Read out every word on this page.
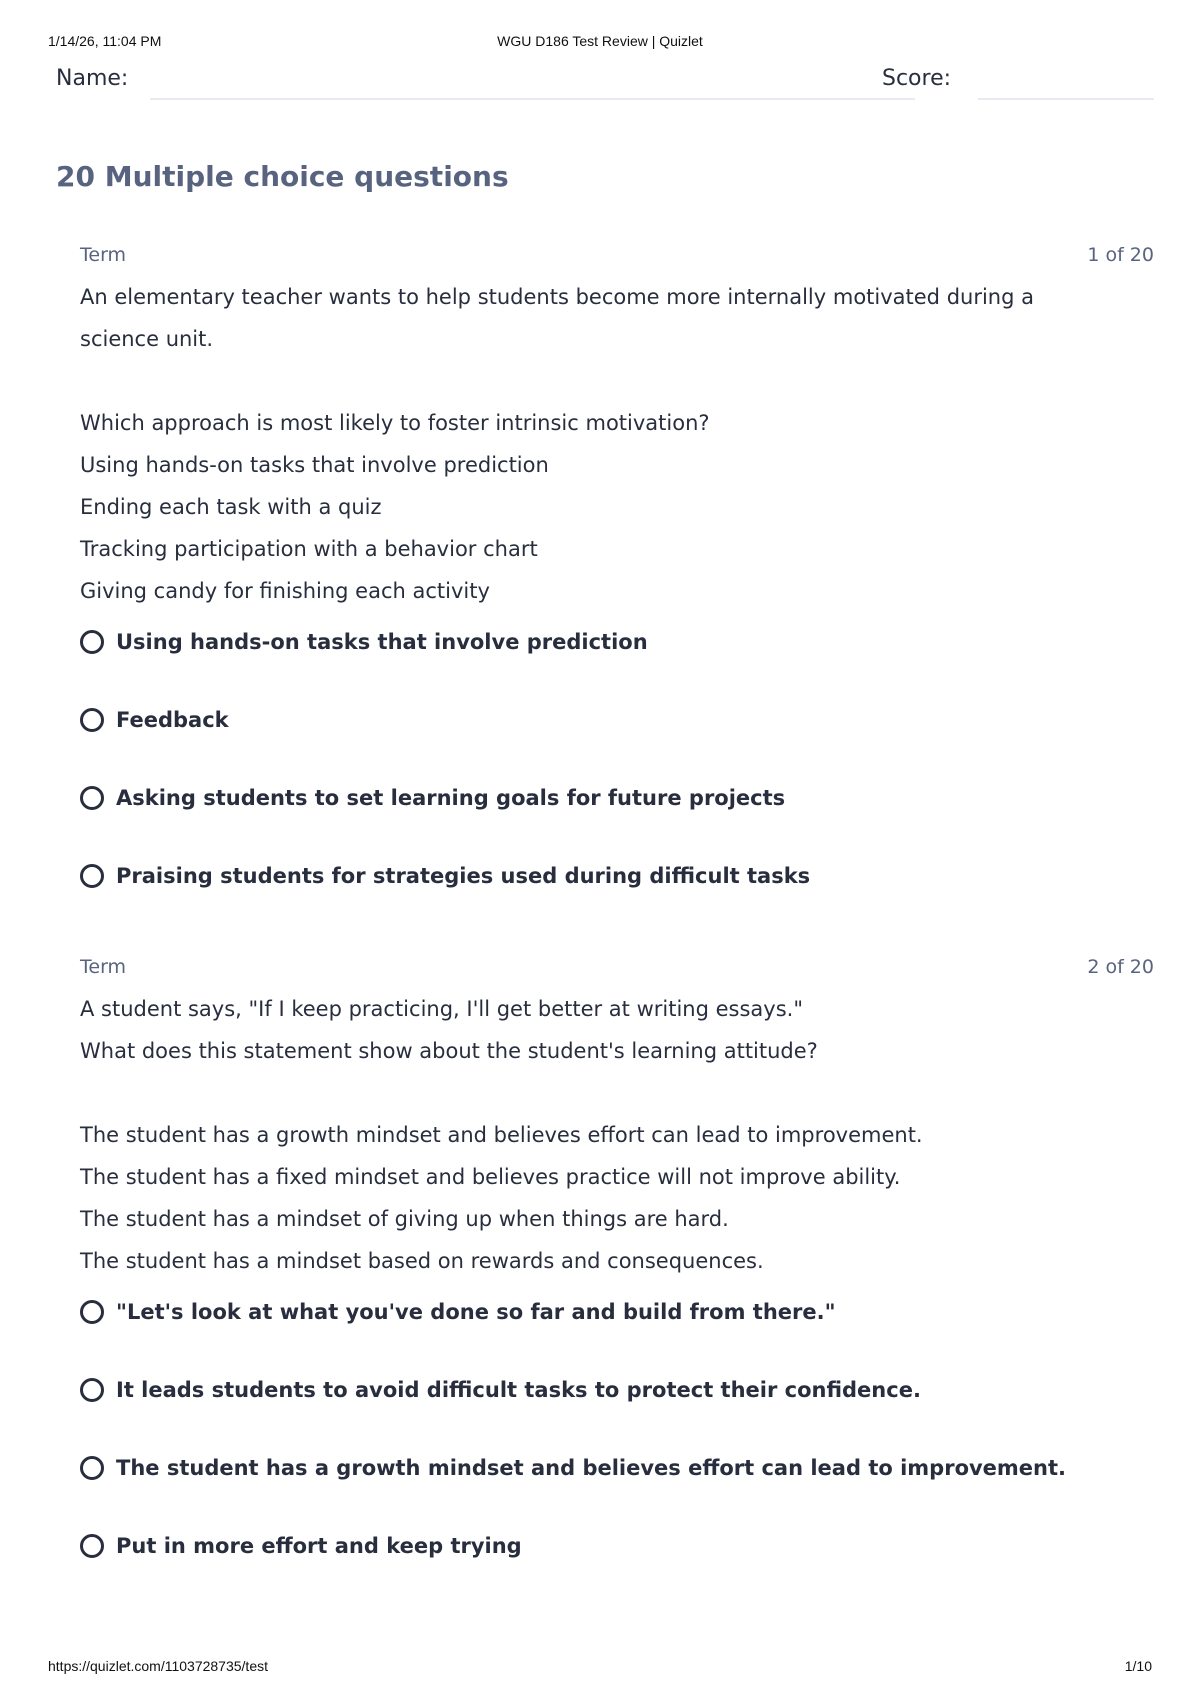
1/14/26, 11:04 PM	WGU D186 Test Review | Quizlet
Name:	Score:
20 Multiple choice questions
Term	1 of 20

An elementary teacher wants to help students become more internally motivated during a

science unit.

Which approach is most likely to foster intrinsic motivation?

Using hands-on tasks that involve prediction

Ending each task with a quiz

Tracking participation with a behavior chart

Giving candy for finishing each activity

Using hands-on tasks that involve prediction
Feedback
Asking students to set learning goals for future projects
Praising students for strategies used during difficult tasks
Term	2 of 20

A student says, "If I keep practicing, I'll get better at writing essays."

What does this statement show about the student's learning attitude?

The student has a growth mindset and believes effort can lead to improvement.

The student has a fixed mindset and believes practice will not improve ability.

The student has a mindset of giving up when things are hard.

The student has a mindset based on rewards and consequences.

"Let's look at what you've done so far and build from there."
It leads students to avoid difficult tasks to protect their confidence.
The student has a growth mindset and believes effort can lead to improvement.
Put in more effort and keep trying
https://quizlet.com/1103728735/test	1/10
